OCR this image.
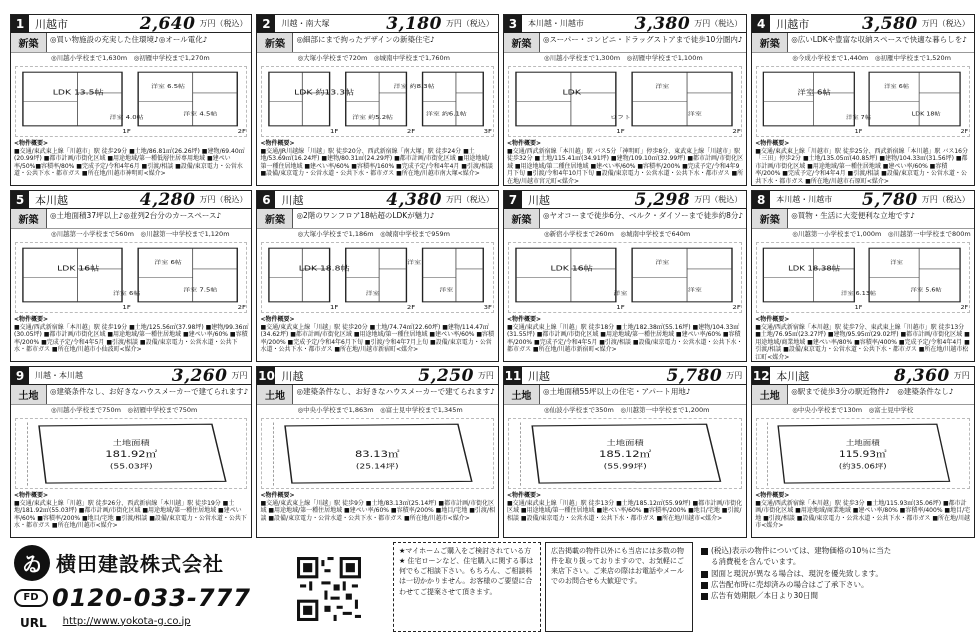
1 川越市	2,640 万円（税込）
新築	◎買い物施設の充実した住環境♪◎オール電化♪
◎川越小学校まで1,630m　◎初雁中学校まで1,270m
1F	2F
LDK 13.5帖
洋室 6.5帖
洋室 4.5帖
洋室 4.0帖
<物件概要>
■交通/東武東上線「川越市」駅 徒歩29分 ■土地/86.81㎡(26.26坪) ■建物/69.40㎡(20.99坪) ■都市計画/市街化区域 ■用途地域/第一種低層住居専用地域 ■建ぺい率/50%■容積率/80% ■完成予定/令和4年6月 ■引渡/相談 ■設備/東京電力・公営水道・公共下水・都市ガス ■所在地/川越市神明町<媒介>
2	川越・南大塚	3,180 万円（税込）
新築	◎細部にまで拘ったデザインの新築住宅♪
◎大塚小学校まで720m　◎城南中学校まで1,760m
1F	2F	3F
LDK 約13.3帖
洋室 約8.3帖
洋室 約6.1帖
洋室 約5.2帖
<物件概要>
■交通/JR川越線「川越」駅 徒歩20分、西武新宿線「南大塚」駅 徒歩24分 ■土地/53.69㎡(16.24坪) ■建物/80.31㎡(24.29坪) ■都市計画/市街化区域 ■用途地域/第一種住居地域 ■建ぺい率/60% ■容積率/160% ■完成予定/令和4年4月 ■引渡/相談 ■設備/東京電力・公営水道・公共下水・都市ガス ■所在地/川越市南大塚<媒介>
3	本川越・川越市	3,380 万円（税込）
新築	◎スーパー・コンビニ・ドラッグストアまで徒歩10分圏内♪
◎川越小学校まで1,300m　◎初雁中学校まで1,100m
1F	2F
LDK
洋室
洋室
ロフト
<物件概要>
■交通/西武新宿線「本川越」駅 バス5分「神明町」停歩8分、東武東上線「川越市」駅 徒歩32分 ■土地/115.41㎡(34.91坪) ■建物/109.10㎡(32.99坪) ■都市計画/市街化区域 ■用途地域/第二種住居地域 ■建ぺい率/60% ■容積率/200% ■完成予定/令和4年9月下旬 ■引渡/令和4年10月下旬 ■設備/東京電力・公営水道・公共下水・都市ガス ■所在地/川越市宮元町<媒介>
4 川越市	3,580 万円（税込）
新築	◎広いLDKや豊富な収納スペースで快適な暮らしを♪
◎今成小学校まで1,440m　◎初雁中学校まで1,520m
1F	2F
洋室 6帖
洋室 6帖
LDK 18帖
洋室 7帖
<物件概要>
■交通/東武東上線「川越市」駅 徒歩25分、西武新宿線「本川越」駅 バス16分「三田」停歩2分 ■土地/135.05㎡(40.85坪) ■建物/104.33㎡(31.56坪) ■都市計画/市街化区域 ■用途地域/第一種住居地域 ■建ぺい率/60% ■容積率/200% ■完成予定/令和4年4月 ■引渡/相談 ■設備/東京電力・公営水道・公共下水・都市ガス ■所在地/川越市石原町<媒介>
5 本川越	4,280 万円（税込）
新築	◎土地面積37坪以上♪◎並列2台分のカースペース♪
◎川越第一小学校まで560m　◎川越第一中学校まで1,120m
1F	2F
LDK 16帖
洋室 6帖
洋室 7.5帖
洋室 6帖
<物件概要>
■交通/西武新宿線「本川越」駅 徒歩19分 ■土地/125.56㎡(37.98坪) ■建物/99.36㎡(30.05坪) ■都市計画/市街化区域 ■用途地域/第一種住居地域 ■建ぺい率/60% ■容積率/200% ■完成予定/令和4年5月 ■引渡/相談 ■設備/東京電力・公営水道・公共下水・都市ガス ■所在地/川越市小仙波町<媒介>
6 川越	4,380 万円（税込）
新築	◎2階のワンフロア18帖超のLDKが魅力♪
◎大塚小学校まで1,186m　◎城南中学校まで959m
1F	2F	3F
LDK 18.8帖
洋室
洋室
洋室
<物件概要>
■交通/東武東上線「川越」駅 徒歩20分 ■土地/74.74㎡(22.60坪) ■建物/114.47㎡(34.62坪) ■都市計画/市街化区域 ■用途地域/第一種住居地域 ■建ぺい率/60% ■容積率/200% ■完成予定/令和4年6月下旬 ■引渡/令和4年7月上旬 ■設備/東京電力・公営水道・公共下水・都市ガス ■所在地/川越市新宿町<媒介>
7 川越	5,298 万円（税込）
新築	◎ヤオコーまで徒歩6分、ベルク・ダイソーまで徒歩約8分♪
◎新宿小学校まで260m　◎城南中学校まで640m
1F	2F
LDK 16帖
洋室
洋室
洋室
<物件概要>
■交通/東武東上線「川越」駅 徒歩18分 ■土地/182.38㎡(55.16坪) ■建物/104.33㎡(31.55坪) ■都市計画/市街化区域 ■用途地域/第一種住居地域 ■建ぺい率/60% ■容積率/200% ■完成予定/令和4年5月 ■引渡/相談 ■設備/東京電力・公営水道・公共下水・都市ガス ■所在地/川越市新宿町<媒介>
8	本川越・川越市	5,780 万円（税込）
新築	◎買物・生活に大変便利な立地です♪
◎川越第一小学校まで1,000m　◎川越第一中学校まで800m
1F	2F
LDK 18.38帖
洋室
洋室 5.6帖
洋室 6.13帖
<物件概要>
■交通/西武新宿線「本川越」駅 徒歩7分、東武東上線「川越市」駅 徒歩13分 ■土地/76.95㎡(23.27坪) ■建物/95.95㎡(29.02坪) ■都市計画/市街化区域 ■用途地域/商業地域 ■建ぺい率/80% ■容積率/400% ■完成予定/令和4年4月 ■引渡/相談 ■設備/東京電力・公営水道・公共下水・都市ガス ■所在地/川越市松江町<媒介>
9	川越・本川越	3,260 万円
土地	◎建築条件なし、お好きなハウスメーカーで建てられます♪
◎川越小学校まで750m　◎初雁中学校まで750m
土地面積
181.92㎡
(55.03坪)
<物件概要>
■交通/東武東上線「川越」駅 徒歩26分、西武新宿線「本川越」駅 徒歩19分 ■土地/181.92㎡(55.03坪) ■都市計画/市街化区域 ■用途地域/第一種住居地域 ■建ぺい率/60% ■容積率/200% ■地目/宅地 ■引渡/相談 ■設備/東京電力・公営水道・公共下水・都市ガス ■所在地/川越市<媒介>
10 川越	5,250 万円
土地	◎建築条件なし、お好きなハウスメーカーで建てられます♪
◎中央小学校まで1,863m　◎富士見中学校まで1,345m
83.13㎡
(25.14坪)
<物件概要>
■交通/東武東上線「川越」駅 徒歩9分 ■土地/83.13㎡(25.14坪) ■都市計画/市街化区域 ■用途地域/第一種住居地域 ■建ぺい率/60% ■容積率/200% ■地目/宅地 ■引渡/相談 ■設備/東京電力・公営水道・公共下水・都市ガス ■所在地/川越市<媒介>
11 川越	5,780 万円
土地	◎土地面積55坪以上の住宅・アパート用地♪
◎仙波小学校まで350m　◎川越第一中学校まで1,200m
土地面積
185.12㎡
(55.99坪)
<物件概要>
■交通/東武東上線「川越」駅 徒歩13分 ■土地/185.12㎡(55.99坪) ■都市計画/市街化区域 ■用途地域/第一種住居地域 ■建ぺい率/60% ■容積率/200% ■地目/宅地 ■引渡/相談 ■設備/東京電力・公営水道・公共下水・都市ガス ■所在地/川越市<媒介>
12 本川越	8,360 万円
土地	◎駅まで徒歩3分の駅近物件♪　◎建築条件なし♪
◎中央小学校まで130m　◎富士見中学校
土地面積
115.93㎡
(約35.06坪)
<物件概要>
■交通/西武新宿線「本川越」駅 徒歩3分 ■土地/115.93㎡(35.06坪) ■都市計画/市街化区域 ■用途地域/商業地域 ■建ぺい率/80% ■容積率/400% ■地目/宅地 ■引渡/相談 ■設備/東京電力・公営水道・公共下水・都市ガス ■所在地/川越市<媒介>
ゐ 横田建設株式会社
FD 0120-033-777
URL http://www.yokota-g.co.jp
★マイホームご購入をご検討されている方★ 住宅ローンなど、住宅購入に関する事は何でもご相談下さい。もちろん、ご相談料は一切かかりません。お客様のご要望に合わせてご提案させて頂きます。
広告掲載の物件以外にも当店には多数の物件を取り扱っておりますので、お気軽にご来店下さい。ご来店の際はお電話やメールでのお問合せも大歓迎です。
(税込)表示の物件については、建物価格の10％に当たる消費税を含んでいます。
図面と現況が異なる場合は、現況を優先致します。
広告配布時に売却済みの場合はご了承下さい。
広告有効期限／本日より30日間
